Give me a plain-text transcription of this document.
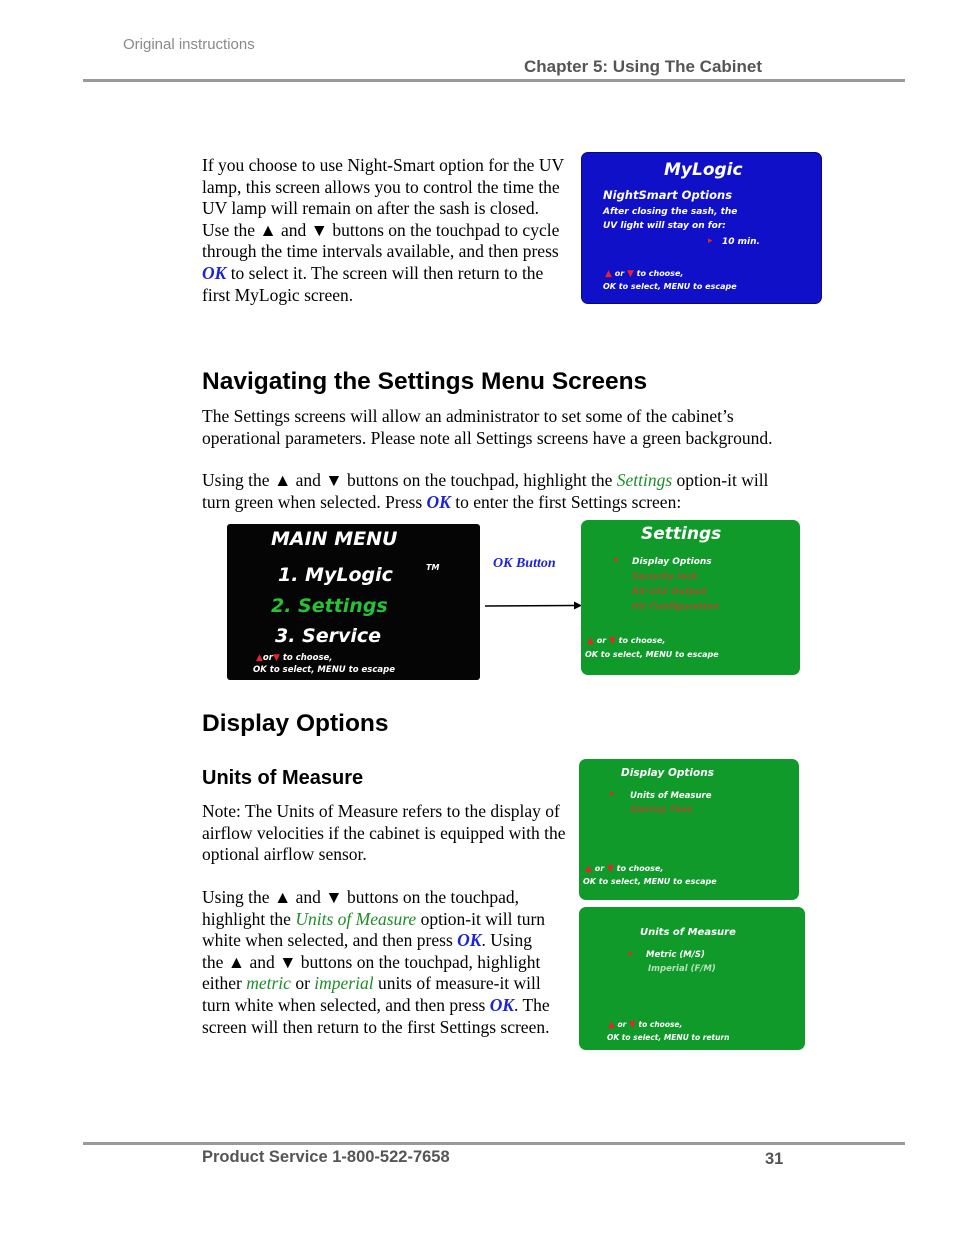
Original instructions
Chapter 5: Using The Cabinet
If you choose to use Night-Smart option for the UV lamp, this screen allows you to control the time the UV lamp will remain on after the sash is closed. Use the ▲ and ▼ buttons on the touchpad to cycle through the time intervals available, and then press OK to select it. The screen will then return to the first MyLogic screen.
MyLogic
NightSmart Options
After closing the sash, the
UV light will stay on for:
▸ 10 min.
▲ or ▼ to choose,
OK to select, MENU to escape
Navigating the Settings Menu Screens
The Settings screens will allow an administrator to set some of the cabinet’s operational parameters. Please note all Settings screens have a green background.
Using the ▲ and ▼ buttons on the touchpad, highlight the Settings option-it will turn green when selected. Press OK to enter the first Settings screen:
MAIN MENU
1. MyLogic	TM
2. Settings
3. Service
▲or▼ to choose,
OK to select, MENU to escape
OK Button
Settings
▸ Display Options
Security lock
RS-232 Output
UV Configuration
▲ or ▼ to choose,
OK to select, MENU to escape
Display Options
Units of Measure
Note: The Units of Measure refers to the display of airflow velocities if the cabinet is equipped with the optional airflow sensor.
Using the ▲ and ▼ buttons on the touchpad, highlight the Units of Measure option-it will turn white when selected, and then press OK. Using the ▲ and ▼ buttons on the touchpad, highlight either metric or imperial units of measure-it will turn white when selected, and then press OK. The screen will then return to the first Settings screen.
Display Options
▸ Units of Measure
Startup Time
▲ or ▼ to choose,
OK to select, MENU to escape
Units of Measure
▸ Metric (M/S)
Imperial (F/M)
▲ or ▼ to choose,
OK to select, MENU to return
Product Service 1-800-522-7658	31
